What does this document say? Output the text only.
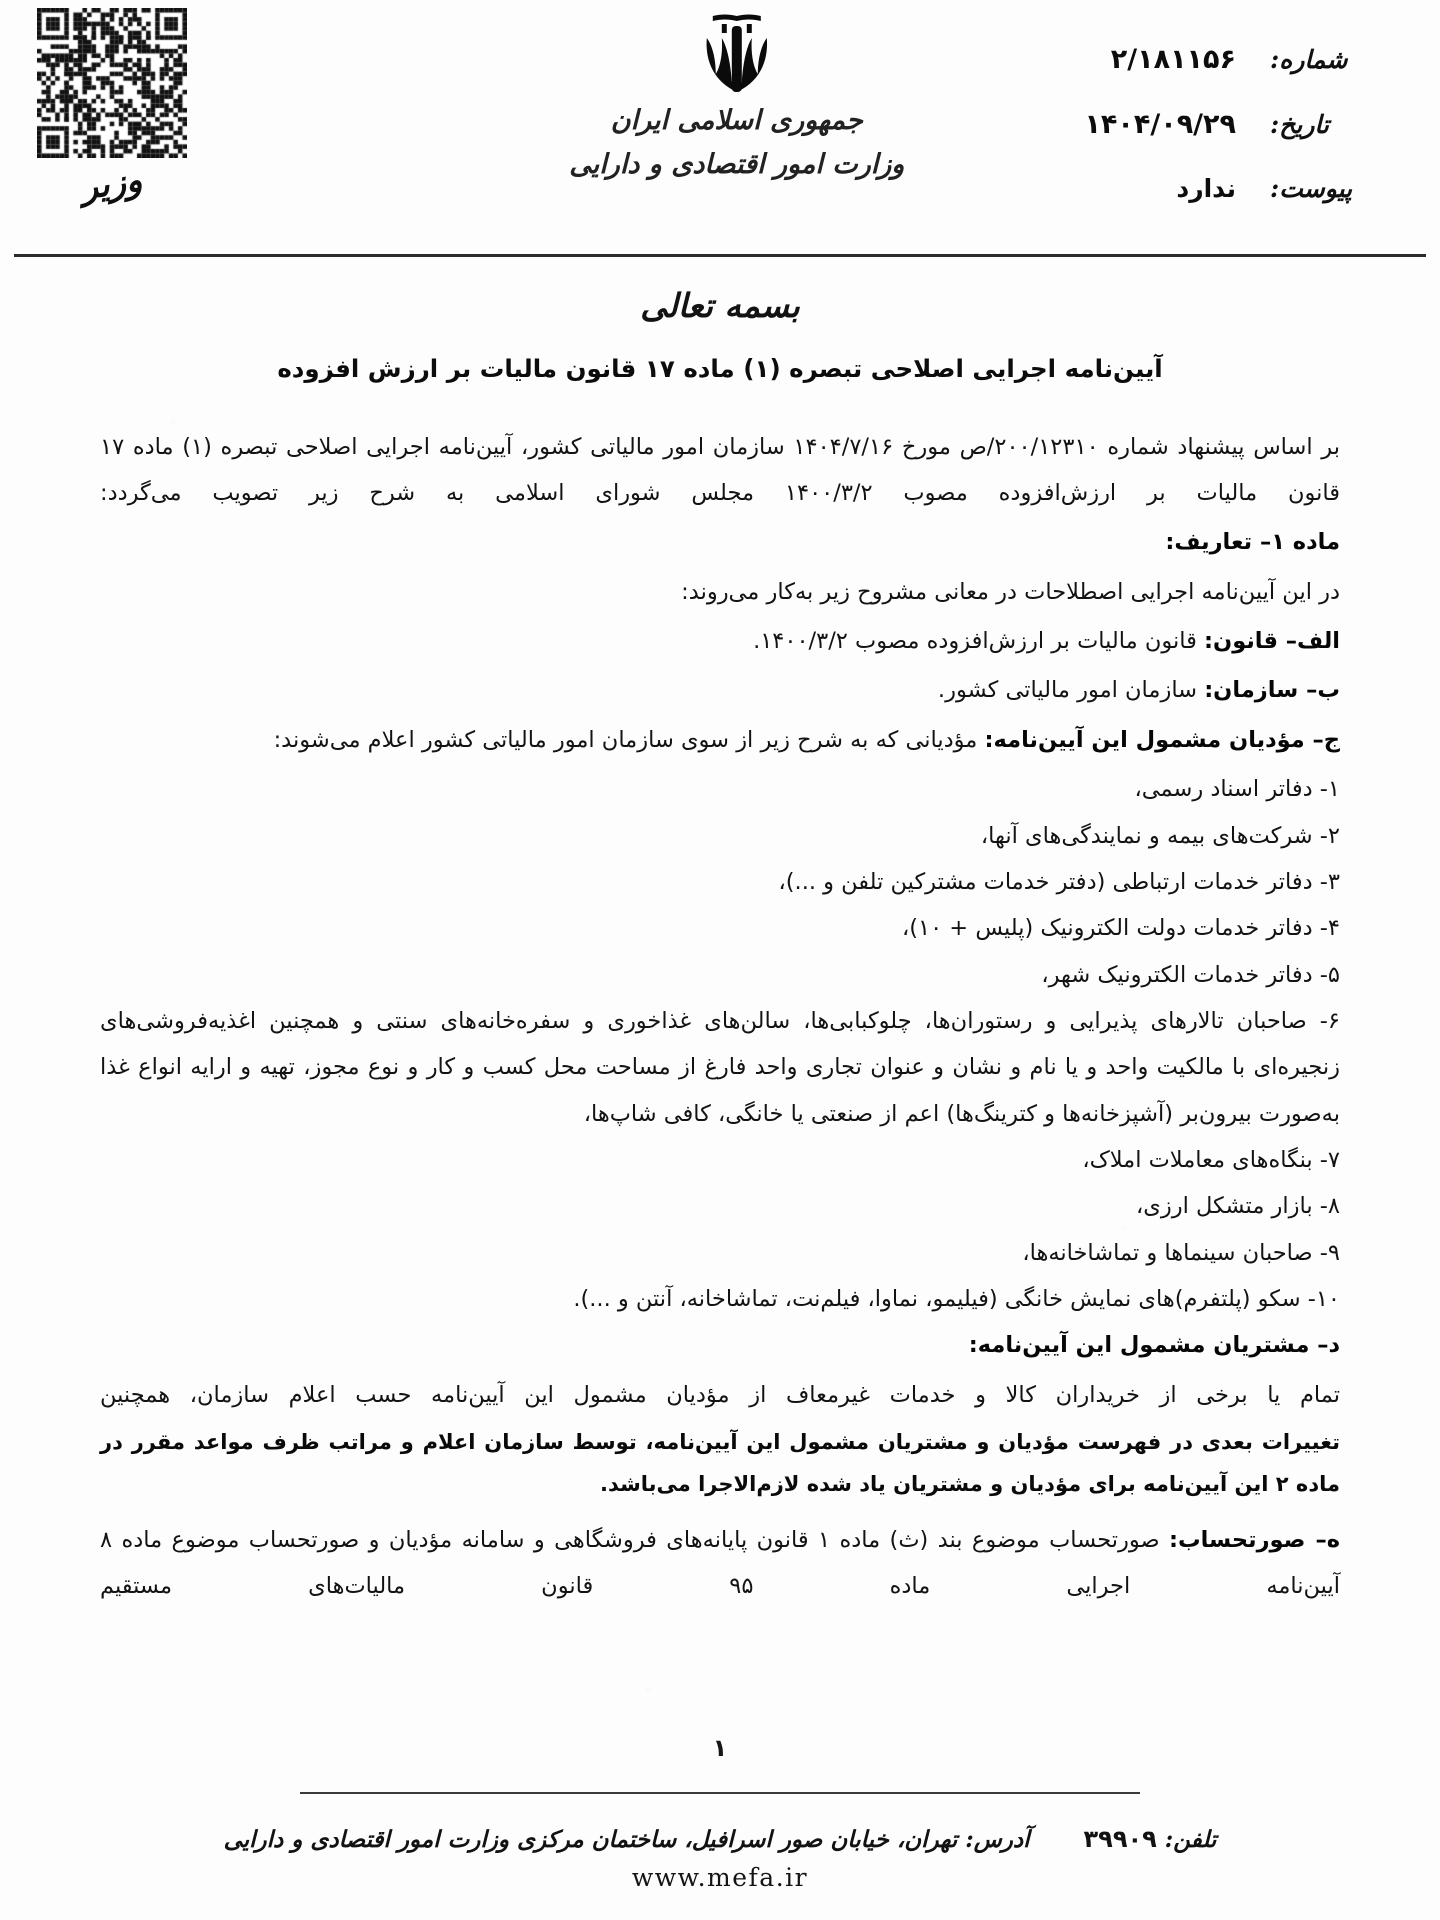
شماره:
۲/۱۸۱۱۵۶
تاریخ:
۱۴۰۴/۰۹/۲۹
پیوست:
ندارد
جمهوری اسلامی ایران
وزارت امور اقتصادی و دارایی
وزیر
بسمه تعالی
آیین‌نامه اجرایی اصلاحی تبصره (۱) ماده ۱۷ قانون مالیات بر ارزش افزوده

بر اساس پیشنهاد شماره ۲۰۰/۱۲۳۱۰/ص مورخ ۱۴۰۴/۷/۱۶ سازمان امور مالیاتی کشور، آیین‌نامه اجرایی اصلاحی تبصره (۱) ماده ۱۷ قانون مالیات بر ارزش‌افزوده مصوب ۱۴۰۰/۳/۲ مجلس شورای اسلامی به شرح زیر تصویب می‌گردد:

ماده ۱– تعاریف:

در این آیین‌نامه اجرایی اصطلاحات در معانی مشروح زیر به‌کار می‌روند:

الف– قانون: قانون مالیات بر ارزش‌افزوده مصوب ۱۴۰۰/۳/۲.

ب– سازمان: سازمان امور مالیاتی کشور.

ج– مؤدیان مشمول این آیین‌نامه: مؤدیانی که به شرح زیر از سوی سازمان امور مالیاتی کشور اعلام می‌شوند:

۱- دفاتر اسناد رسمی،

۲- شرکت‌های بیمه و نمایندگی‌های آنها،

۳- دفاتر خدمات ارتباطی (دفتر خدمات مشترکین تلفن و ...)،

۴- دفاتر خدمات دولت الکترونیک (پلیس + ۱۰)،

۵- دفاتر خدمات الکترونیک شهر،

۶- صاحبان تالارهای پذیرایی و رستوران‌ها، چلوکبابی‌ها، سالن‌های غذاخوری و سفره‌خانه‌های سنتی و همچنین اغذیه‌فروشی‌های زنجیره‌ای با مالکیت واحد و یا نام و نشان و عنوان تجاری واحد فارغ از مساحت محل کسب و کار و نوع مجوز، تهیه و ارایه انواع غذا به‌صورت بیرون‌بر (آشپزخانه‌ها و کترینگ‌ها) اعم از صنعتی یا خانگی، کافی شاپ‌ها،

۷- بنگاه‌های معاملات املاک،

۸- بازار متشکل ارزی،

۹- صاحبان سینماها و تماشاخانه‌ها،

۱۰- سکو (پلتفرم)‌های نمایش خانگی (فیلیمو، نماوا، فیلم‌نت، تماشاخانه، آنتن و ...).

د– مشتریان مشمول این آیین‌نامه:

تمام یا برخی از خریداران کالا و خدمات غیرمعاف از مؤدیان مشمول این آیین‌نامه حسب اعلام سازمان، همچنین

تغییرات بعدی در فهرست مؤدیان و مشتریان مشمول این آیین‌نامه، توسط سازمان اعلام و مراتب ظرف مواعد مقرر در ماده ۲ این آیین‌نامه برای مؤدیان و مشتریان یاد شده لازم‌الاجرا می‌باشد.

ه– صورتحساب: صورتحساب موضوع بند (ث) ماده ۱ قانون پایانه‌های فروشگاهی و سامانه مؤدیان و صورتحساب موضوع ماده ۸ آیین‌نامه اجرایی ماده ۹۵ قانون مالیات‌های مستقیم

۱
تلفن:۳۹۹۰۹
آدرس: تهران، خیابان صور اسرافیل، ساختمان مرکزی وزارت امور اقتصادی و دارایی
www.mefa.ir
